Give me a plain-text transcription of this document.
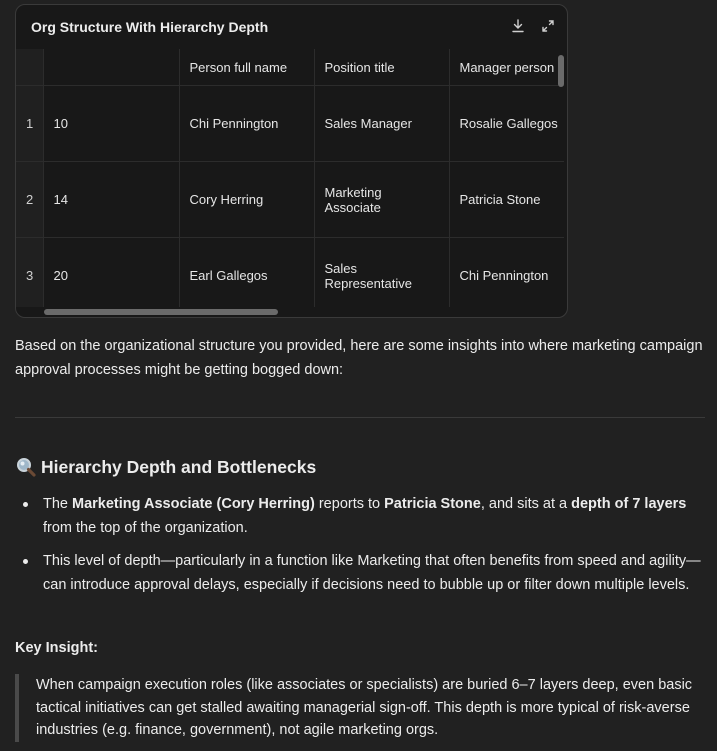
Org Structure With Hierarchy Depth
		Person full name	Position title	Manager person
1	10	Chi Pennington	Sales Manager	Rosalie Gallegos
2	14	Cory Herring	Marketing Associate	Patricia Stone
3	20	Earl Gallegos	Sales Representative	Chi Pennington
Based on the organizational structure you provided, here are some insights into where marketing campaign approval processes might be getting bogged down:
Hierarchy Depth and Bottlenecks
The Marketing Associate (Cory Herring) reports to Patricia Stone, and sits at a depth of 7 layers from the top of the organization.
This level of depth—particularly in a function like Marketing that often benefits from speed and agility—can introduce approval delays, especially if decisions need to bubble up or filter down multiple levels.
Key Insight:
When campaign execution roles (like associates or specialists) are buried 6–7 layers deep, even basic tactical initiatives can get stalled awaiting managerial sign-off. This depth is more typical of risk-averse industries (e.g. finance, government), not agile marketing orgs.
